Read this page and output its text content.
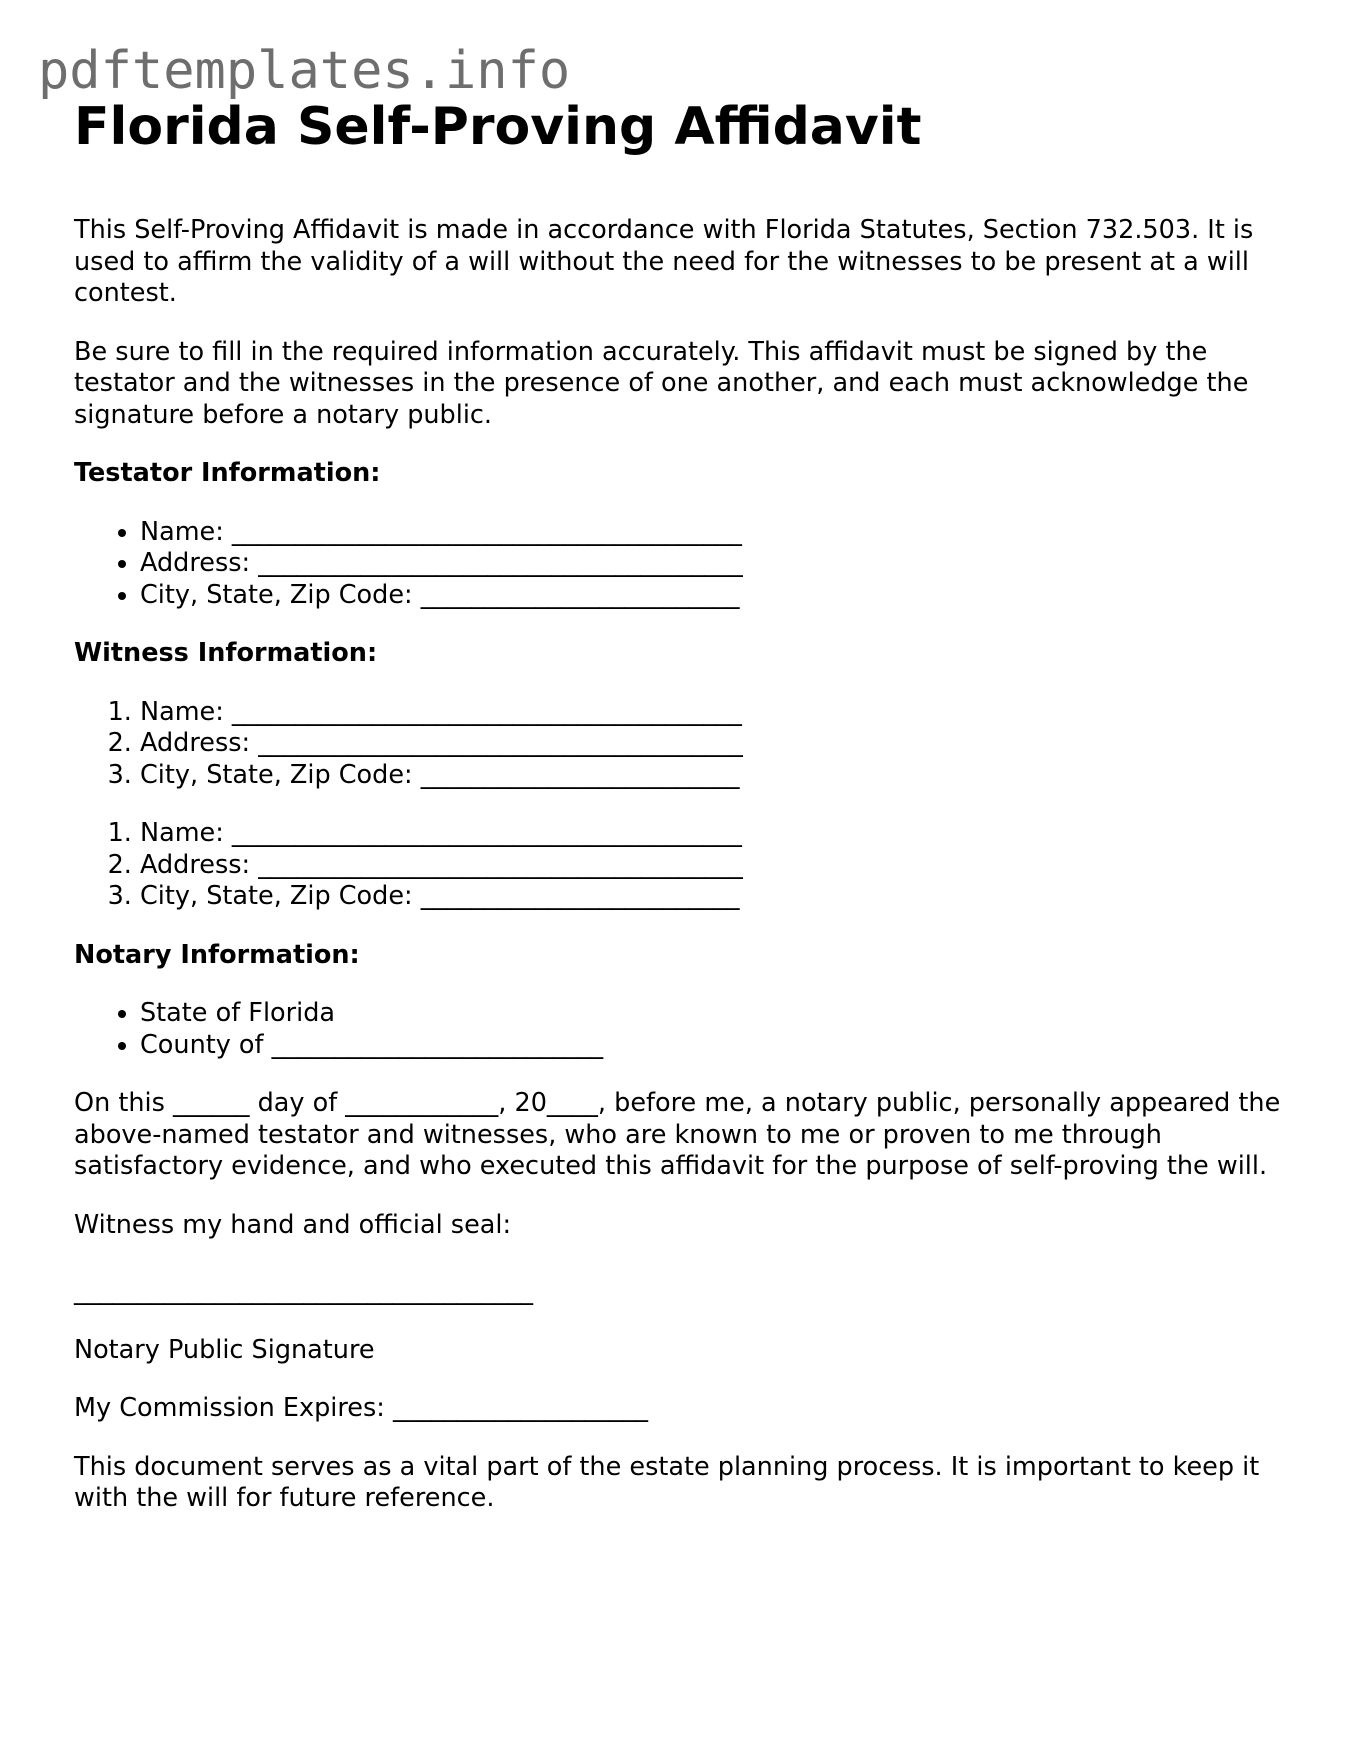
pdftemplates.info
Florida Self-Proving Affidavit

This Self-Proving Affidavit is made in accordance with Florida Statutes, Section 732.503. It is used to affirm the validity of a will without the need for the witnesses to be present at a will contest.

Be sure to fill in the required information accurately. This affidavit must be signed by the testator and the witnesses in the presence of one another, and each must acknowledge the signature before a notary public.

Testator Information:
• Name: ________________________________________
• Address: ______________________________________
• City, State, Zip Code: _________________________
Witness Information:
1. Name: ________________________________________
2. Address: ______________________________________
3. City, State, Zip Code: _________________________
1. Name: ________________________________________
2. Address: ______________________________________
3. City, State, Zip Code: _________________________
Notary Information:
• State of Florida
• County of __________________________

On this ______ day of ____________, 20____, before me, a notary public, personally appeared the above-named testator and witnesses, who are known to me or proven to me through satisfactory evidence, and who executed this affidavit for the purpose of self-proving the will.

Witness my hand and official seal:

____________________________________

Notary Public Signature

My Commission Expires: ____________________

This document serves as a vital part of the estate planning process. It is important to keep it with the will for future reference.
